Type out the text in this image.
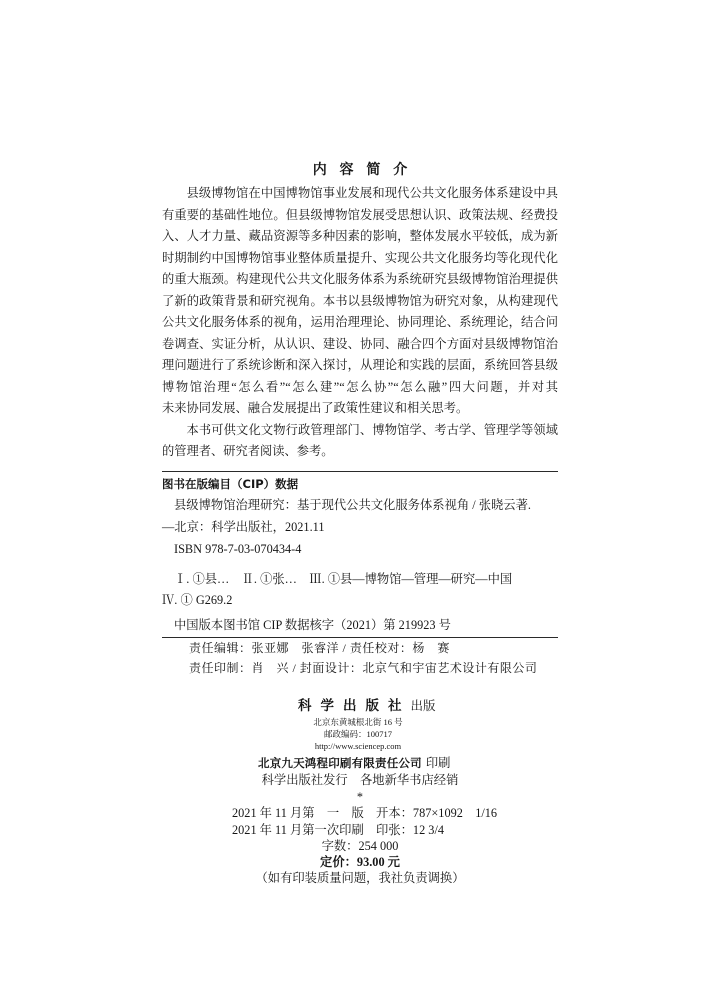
内 容 简 介
县级博物馆在中国博物馆事业发展和现代公共文化服务体系建设中具
有重要的基础性地位。但县级博物馆发展受思想认识、政策法规、经费投
入、人才力量、藏品资源等多种因素的影响，整体发展水平较低，成为新
时期制约中国博物馆事业整体质量提升、实现公共文化服务均等化现代化
的重大瓶颈。构建现代公共文化服务体系为系统研究县级博物馆治理提供
了新的政策背景和研究视角。本书以县级博物馆为研究对象，从构建现代
公共文化服务体系的视角，运用治理理论、协同理论、系统理论，结合问
卷调查、实证分析，从认识、建设、协同、融合四个方面对县级博物馆治
理问题进行了系统诊断和深入探讨，从理论和实践的层面，系统回答县级
博物馆治理“怎么看”“怎么建”“怎么协”“怎么融”四大问题，并对其
未来协同发展、融合发展提出了政策性建议和相关思考。
本书可供文化文物行政管理部门、博物馆学、考古学、管理学等领域
的管理者、研究者阅读、参考。
图书在版编目（CIP）数据
县级博物馆治理研究：基于现代公共文化服务体系视角 / 张晓云著.
—北京：科学出版社，2021.11
ISBN 978-7-03-070434-4
Ⅰ. ①县…　Ⅱ. ①张…　Ⅲ. ①县—博物馆—管理—研究—中国
Ⅳ. ① G269.2
中国版本图书馆 CIP 数据核字（2021）第 219923 号
责任编辑：张亚娜　张睿洋 / 责任校对：杨　赛
责任印制：肖　兴 / 封面设计：北京气和宇宙艺术设计有限公司
科学出版社出版
北京东黄城根北街 16 号
邮政编码：100717
http://www.sciencep.com
北京九天鸿程印刷有限责任公司 印刷
科学出版社发行　各地新华书店经销
*
2021 年 11 月第　一　版　开本：787×1092　1/16
2021 年 11 月第一次印刷　印张：12 3/4
字数：254 000
定价：93.00 元
（如有印装质量问题，我社负责调换）
